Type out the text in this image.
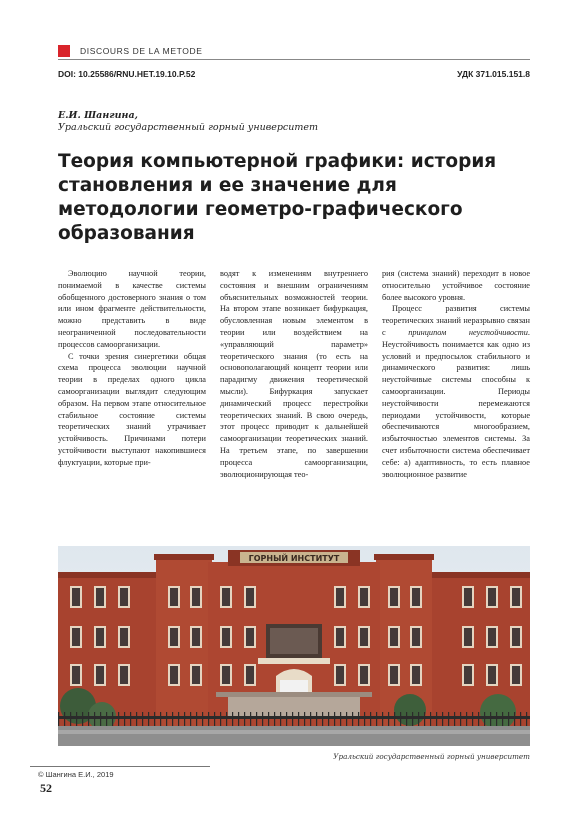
DISCOURS DE LA METODE
DOI: 10.25586/RNU.HET.19.10.P.52	УДК 371.015.151.8
Е.И. Шангина,
Уральский государственный горный университет
Теория компьютерной графики: история становления и ее значение для методологии геометро-графического образования

Эволюцию научной теории, понимаемой в качестве системы обобщенного достоверного знания о том или ином фрагменте действительности, можно представить в виде неограниченной последовательности процессов самоорганизации.

С точки зрения синергетики общая схема процесса эволюции научной теории в пределах одного цикла самоорганизации выглядит следующим образом. На первом этапе относительное стабильное состояние системы теоретических знаний утрачивает устойчивость. Причинами потери устойчивости выступают накопившиеся флуктуации, которые при-

водят к изменениям внутреннего состояния и внешним ограничениям объяснительных возможностей теории. На втором этапе возникает бифуркация, обусловленная новым элементом в теории или воздействием на «управляющий параметр» теоретического знания (то есть на основополагающий концепт теории или парадигму движения теоретической мысли). Бифуркация запускает динамический процесс перестройки теоретических знаний. В свою очередь, этот процесс приводит к дальнейшей самоорганизации теоретических знаний. На третьем этапе, по завершении процесса самоорганизации, эволюционирующая тео-

рия (система знаний) переходит в новое относительно устойчивое состояние более высокого уровня.

Процесс развития системы теоретических знаний неразрывно связан с принципом неустойчивости. Неустойчивость понимается как одно из условий и предпосылок стабильного и динамического развития: лишь неустойчивые системы способны к самоорганизации. Периоды неустойчивости перемежаются периодами устойчивости, которые обеспечиваются многообразием, избыточностью элементов системы. За счет избыточности система обеспечивает себе: а) адаптивность, то есть плавное эволюционное развитие

ГОРНЫЙ ИНСТИТУТ
Уральский государственный горный университет
© Шангина Е.И., 2019
52
